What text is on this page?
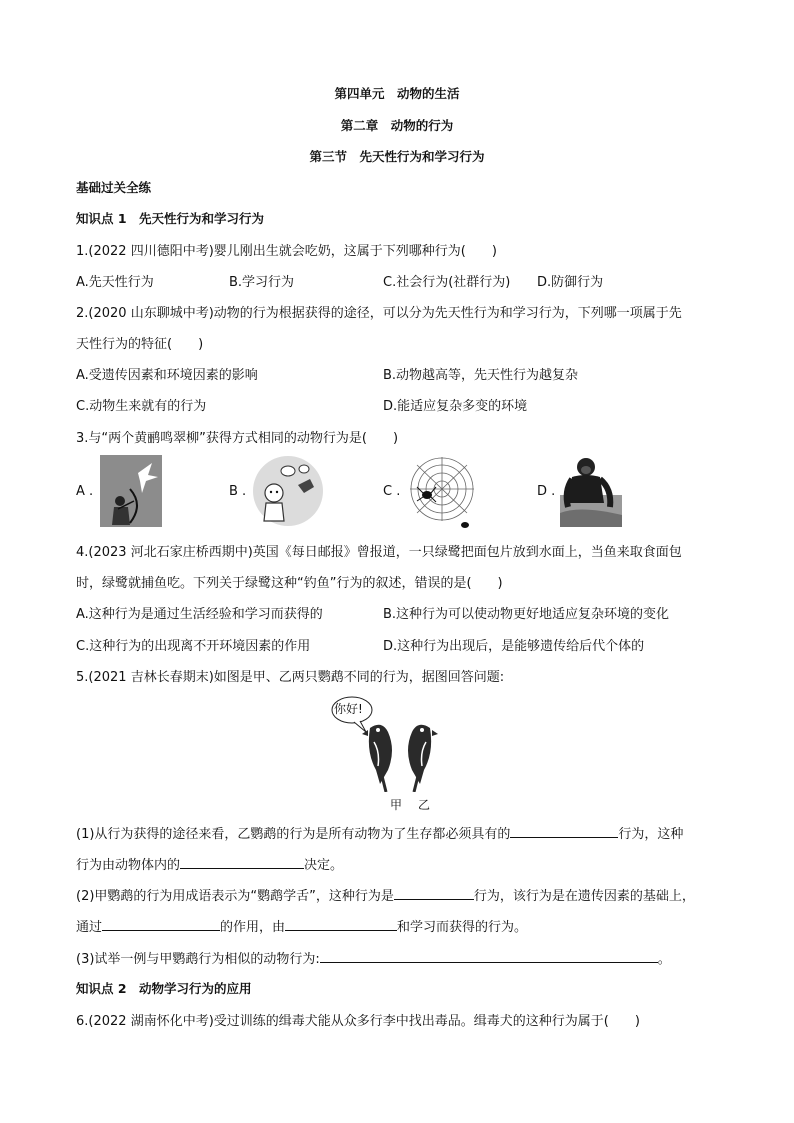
第四单元　动物的生活
第二章　动物的行为
第三节　先天性行为和学习行为
基础过关全练
知识点 1　先天性行为和学习行为
1.(2022 四川德阳中考)婴儿刚出生就会吃奶，这属于下列哪种行为(　　)
A.先天性行为	B.学习行为	C.社会行为(社群行为) D.防御行为
2.(2020 山东聊城中考)动物的行为根据获得的途径，可以分为先天性行为和学习行为，下列哪一项属于先
天性行为的特征(　　)
A.受遗传因素和环境因素的影响	B.动物越高等，先天性行为越复杂
C.动物生来就有的行为	D.能适应复杂多变的环境
3.与“两个黄鹂鸣翠柳”获得方式相同的动物行为是(　　)
A .	B .	C .	D .
4.(2023 河北石家庄桥西期中)英国《每日邮报》曾报道，一只绿鹭把面包片放到水面上，当鱼来取食面包
时，绿鹭就捕鱼吃。下列关于绿鹭这种“钓鱼”行为的叙述，错误的是(　　)
A.这种行为是通过生活经验和学习而获得的	B.这种行为可以使动物更好地适应复杂环境的变化
C.这种行为的出现离不开环境因素的作用	D.这种行为出现后，是能够遗传给后代个体的
5.(2021 吉林长春期末)如图是甲、乙两只鹦鹉不同的行为，据图回答问题:
你好!
甲 乙
(1)从行为获得的途径来看，乙鹦鹉的行为是所有动物为了生存都必须具有的	行为，这种
行为由动物体内的	决定。
(2)甲鹦鹉的行为用成语表示为“鹦鹉学舌”，这种行为是	行为，该行为是在遗传因素的基础上，
通过	的作用，由	和学习而获得的行为。
(3)试举一例与甲鹦鹉行为相似的动物行为:	。
知识点 2　动物学习行为的应用
6.(2022 湖南怀化中考)受过训练的缉毒犬能从众多行李中找出毒品。缉毒犬的这种行为属于(　　)
